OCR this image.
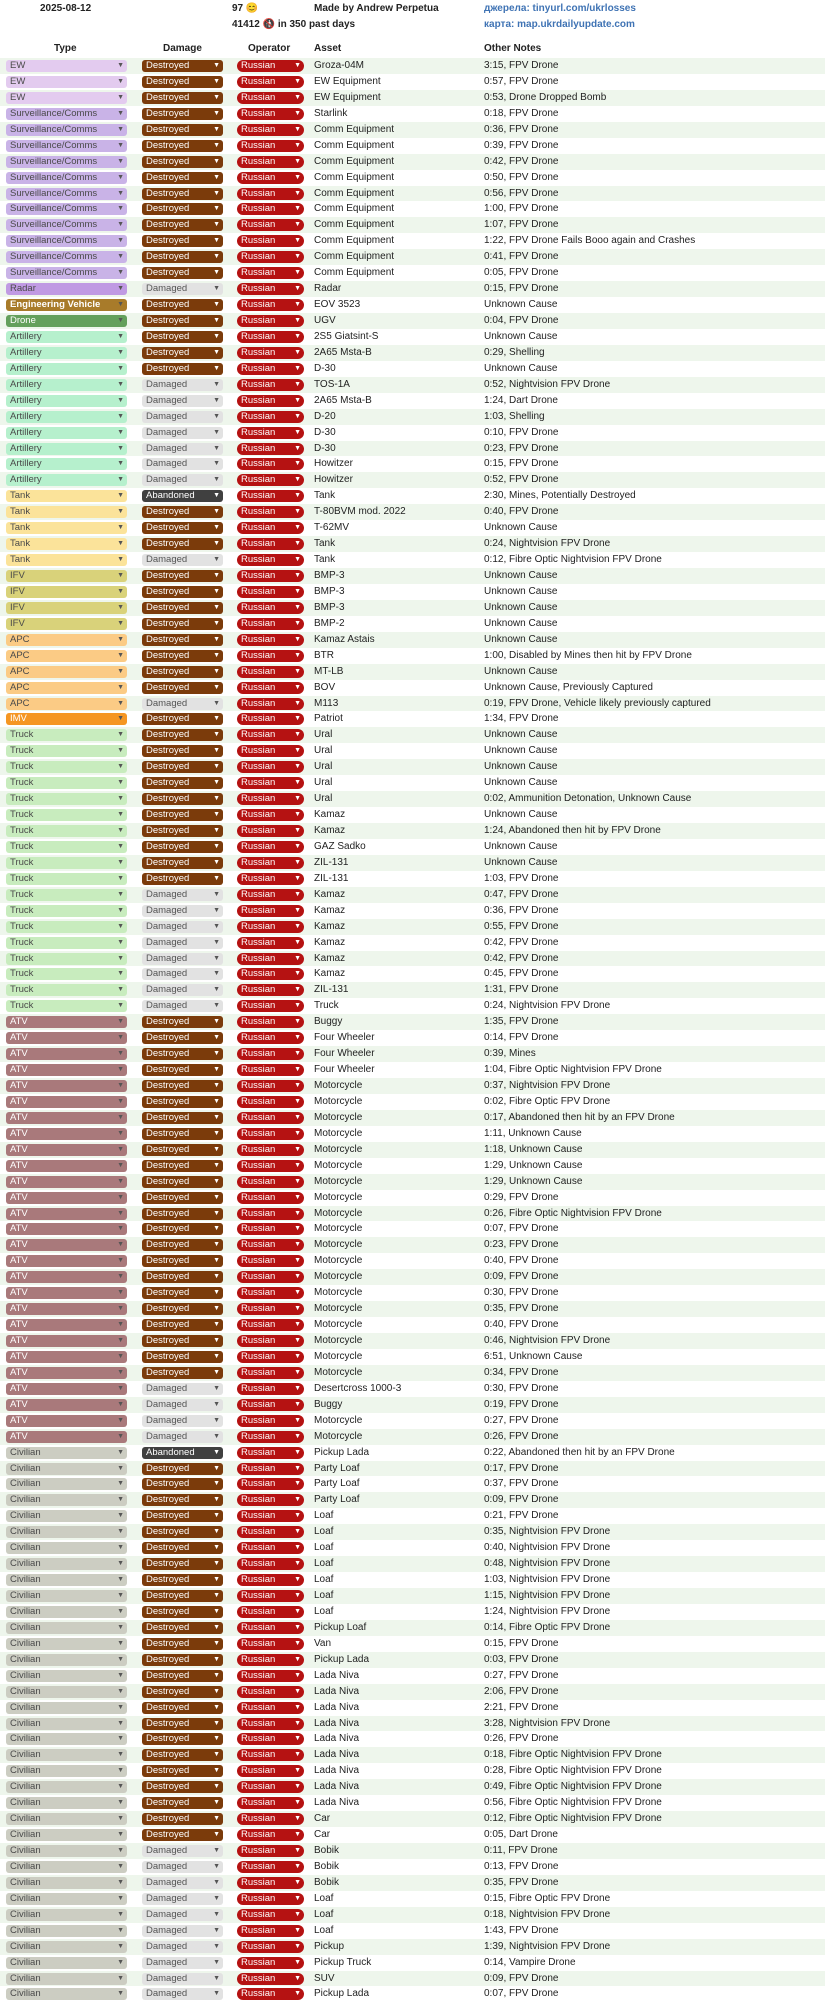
2025-08-12	97 😊
41412 🚯 in 350 past days
Made by Andrew Perpetua	джерела: tinyurl.com/ukrlosses
карта: map.ukrdailyupdate.com
Type	Damage	Operator Asset	Other Notes
EW	▼	Destroyed	▼	Russian	▼ Groza-04M	3:15, FPV Drone
EW	▼	Destroyed	▼	Russian	▼ EW Equipment	0:57, FPV Drone
EW	▼	Destroyed	▼	Russian	▼ EW Equipment	0:53, Drone Dropped Bomb
Surveillance/Comms	▼	Destroyed	▼	Russian	▼ Starlink	0:18, FPV Drone
Surveillance/Comms	▼	Destroyed	▼	Russian	▼ Comm Equipment	0:36, FPV Drone
Surveillance/Comms	▼	Destroyed	▼	Russian	▼ Comm Equipment	0:39, FPV Drone
Surveillance/Comms	▼	Destroyed	▼	Russian	▼ Comm Equipment	0:42, FPV Drone
Surveillance/Comms	▼	Destroyed	▼	Russian	▼ Comm Equipment	0:50, FPV Drone
Surveillance/Comms	▼	Destroyed	▼	Russian	▼ Comm Equipment	0:56, FPV Drone
Surveillance/Comms	▼	Destroyed	▼	Russian	▼ Comm Equipment	1:00, FPV Drone
Surveillance/Comms	▼	Destroyed	▼	Russian	▼ Comm Equipment	1:07, FPV Drone
Surveillance/Comms	▼	Destroyed	▼	Russian	▼ Comm Equipment	1:22, FPV Drone Fails Booo again and Crashes
Surveillance/Comms	▼	Destroyed	▼	Russian	▼ Comm Equipment	0:41, FPV Drone
Surveillance/Comms	▼	Destroyed	▼	Russian	▼ Comm Equipment	0:05, FPV Drone
Radar	▼	Damaged	▼	Russian	▼ Radar	0:15, FPV Drone
Engineering Vehicle ▼	Destroyed	▼	Russian	▼ EOV 3523	Unknown Cause
Drone	▼	Destroyed	▼	Russian	▼ UGV	0:04, FPV Drone
Artillery	▼	Destroyed	▼	Russian	▼ 2S5 Giatsint-S	Unknown Cause
Artillery	▼	Destroyed	▼	Russian	▼ 2A65 Msta-B	0:29, Shelling
Artillery	▼	Destroyed	▼	Russian	▼ D-30	Unknown Cause
Artillery	▼	Damaged	▼	Russian	▼ TOS-1A	0:52, Nightvision FPV Drone
Artillery	▼	Damaged	▼	Russian	▼ 2A65 Msta-B	1:24, Dart Drone
Artillery	▼	Damaged	▼	Russian	▼ D-20	1:03, Shelling
Artillery	▼	Damaged	▼	Russian	▼ D-30	0:10, FPV Drone
Artillery	▼	Damaged	▼	Russian	▼ D-30	0:23, FPV Drone
Artillery	▼	Damaged	▼	Russian	▼ Howitzer	0:15, FPV Drone
Artillery	▼	Damaged	▼	Russian	▼ Howitzer	0:52, FPV Drone
Tank	▼	Abandoned	▼	Russian	▼ Tank	2:30, Mines, Potentially Destroyed
Tank	▼	Destroyed	▼	Russian	▼ T-80BVM mod. 2022	0:40, FPV Drone
Tank	▼	Destroyed	▼	Russian	▼ T-62MV	Unknown Cause
Tank	▼	Destroyed	▼	Russian	▼ Tank	0:24, Nightvision FPV Drone
Tank	▼	Damaged	▼	Russian	▼ Tank	0:12, Fibre Optic Nightvision FPV Drone
IFV	▼	Destroyed	▼	Russian	▼ BMP-3	Unknown Cause
IFV	▼	Destroyed	▼	Russian	▼ BMP-3	Unknown Cause
IFV	▼	Destroyed	▼	Russian	▼ BMP-3	Unknown Cause
IFV	▼	Destroyed	▼	Russian	▼ BMP-2	Unknown Cause
APC	▼	Destroyed	▼	Russian	▼ Kamaz Astais	Unknown Cause
APC	▼	Destroyed	▼	Russian	▼ BTR	1:00, Disabled by Mines then hit by FPV Drone
APC	▼	Destroyed	▼	Russian	▼ MT-LB	Unknown Cause
APC	▼	Destroyed	▼	Russian	▼ BOV	Unknown Cause, Previously Captured
APC	▼	Damaged	▼	Russian	▼ M113	0:19, FPV Drone, Vehicle likely previously captured
IMV	▼	Destroyed	▼	Russian	▼ Patriot	1:34, FPV Drone
Truck	▼	Destroyed	▼	Russian	▼ Ural	Unknown Cause
Truck	▼	Destroyed	▼	Russian	▼ Ural	Unknown Cause
Truck	▼	Destroyed	▼	Russian	▼ Ural	Unknown Cause
Truck	▼	Destroyed	▼	Russian	▼ Ural	Unknown Cause
Truck	▼	Destroyed	▼	Russian	▼ Ural	0:02, Ammunition Detonation, Unknown Cause
Truck	▼	Destroyed	▼	Russian	▼ Kamaz	Unknown Cause
Truck	▼	Destroyed	▼	Russian	▼ Kamaz	1:24, Abandoned then hit by FPV Drone
Truck	▼	Destroyed	▼	Russian	▼ GAZ Sadko	Unknown Cause
Truck	▼	Destroyed	▼	Russian	▼ ZIL-131	Unknown Cause
Truck	▼	Destroyed	▼	Russian	▼ ZIL-131	1:03, FPV Drone
Truck	▼	Damaged	▼	Russian	▼ Kamaz	0:47, FPV Drone
Truck	▼	Damaged	▼	Russian	▼ Kamaz	0:36, FPV Drone
Truck	▼	Damaged	▼	Russian	▼ Kamaz	0:55, FPV Drone
Truck	▼	Damaged	▼	Russian	▼ Kamaz	0:42, FPV Drone
Truck	▼	Damaged	▼	Russian	▼ Kamaz	0:42, FPV Drone
Truck	▼	Damaged	▼	Russian	▼ Kamaz	0:45, FPV Drone
Truck	▼	Damaged	▼	Russian	▼ ZIL-131	1:31, FPV Drone
Truck	▼	Damaged	▼	Russian	▼ Truck	0:24, Nightvision FPV Drone
ATV	▼	Destroyed	▼	Russian	▼ Buggy	1:35, FPV Drone
ATV	▼	Destroyed	▼	Russian	▼ Four Wheeler	0:14, FPV Drone
ATV	▼	Destroyed	▼	Russian	▼ Four Wheeler	0:39, Mines
ATV	▼	Destroyed	▼	Russian	▼ Four Wheeler	1:04, Fibre Optic Nightvision FPV Drone
ATV	▼	Destroyed	▼	Russian	▼ Motorcycle	0:37, Nightvision FPV Drone
ATV	▼	Destroyed	▼	Russian	▼ Motorcycle	0:02, Fibre Optic FPV Drone
ATV	▼	Destroyed	▼	Russian	▼ Motorcycle	0:17, Abandoned then hit by an FPV Drone
ATV	▼	Destroyed	▼	Russian	▼ Motorcycle	1:11, Unknown Cause
ATV	▼	Destroyed	▼	Russian	▼ Motorcycle	1:18, Unknown Cause
ATV	▼	Destroyed	▼	Russian	▼ Motorcycle	1:29, Unknown Cause
ATV	▼	Destroyed	▼	Russian	▼ Motorcycle	1:29, Unknown Cause
ATV	▼	Destroyed	▼	Russian	▼ Motorcycle	0:29, FPV Drone
ATV	▼	Destroyed	▼	Russian	▼ Motorcycle	0:26, Fibre Optic Nightvision FPV Drone
ATV	▼	Destroyed	▼	Russian	▼ Motorcycle	0:07, FPV Drone
ATV	▼	Destroyed	▼	Russian	▼ Motorcycle	0:23, FPV Drone
ATV	▼	Destroyed	▼	Russian	▼ Motorcycle	0:40, FPV Drone
ATV	▼	Destroyed	▼	Russian	▼ Motorcycle	0:09, FPV Drone
ATV	▼	Destroyed	▼	Russian	▼ Motorcycle	0:30, FPV Drone
ATV	▼	Destroyed	▼	Russian	▼ Motorcycle	0:35, FPV Drone
ATV	▼	Destroyed	▼	Russian	▼ Motorcycle	0:40, FPV Drone
ATV	▼	Destroyed	▼	Russian	▼ Motorcycle	0:46, Nightvision FPV Drone
ATV	▼	Destroyed	▼	Russian	▼ Motorcycle	6:51, Unknown Cause
ATV	▼	Destroyed	▼	Russian	▼ Motorcycle	0:34, FPV Drone
ATV	▼	Damaged	▼	Russian	▼ Desertcross 1000-3	0:30, FPV Drone
ATV	▼	Damaged	▼	Russian	▼ Buggy	0:19, FPV Drone
ATV	▼	Damaged	▼	Russian	▼ Motorcycle	0:27, FPV Drone
ATV	▼	Damaged	▼	Russian	▼ Motorcycle	0:26, FPV Drone
Civilian	▼	Abandoned	▼	Russian	▼ Pickup Lada	0:22, Abandoned then hit by an FPV Drone
Civilian	▼	Destroyed	▼	Russian	▼ Party Loaf	0:17, FPV Drone
Civilian	▼	Destroyed	▼	Russian	▼ Party Loaf	0:37, FPV Drone
Civilian	▼	Destroyed	▼	Russian	▼ Party Loaf	0:09, FPV Drone
Civilian	▼	Destroyed	▼	Russian	▼ Loaf	0:21, FPV Drone
Civilian	▼	Destroyed	▼	Russian	▼ Loaf	0:35, Nightvision FPV Drone
Civilian	▼	Destroyed	▼	Russian	▼ Loaf	0:40, Nightvision FPV Drone
Civilian	▼	Destroyed	▼	Russian	▼ Loaf	0:48, Nightvision FPV Drone
Civilian	▼	Destroyed	▼	Russian	▼ Loaf	1:03, Nightvision FPV Drone
Civilian	▼	Destroyed	▼	Russian	▼ Loaf	1:15, Nightvision FPV Drone
Civilian	▼	Destroyed	▼	Russian	▼ Loaf	1:24, Nightvision FPV Drone
Civilian	▼	Destroyed	▼	Russian	▼ Pickup Loaf	0:14, Fibre Optic FPV Drone
Civilian	▼	Destroyed	▼	Russian	▼ Van	0:15, FPV Drone
Civilian	▼	Destroyed	▼	Russian	▼ Pickup Lada	0:03, FPV Drone
Civilian	▼	Destroyed	▼	Russian	▼ Lada Niva	0:27, FPV Drone
Civilian	▼	Destroyed	▼	Russian	▼ Lada Niva	2:06, FPV Drone
Civilian	▼	Destroyed	▼	Russian	▼ Lada Niva	2:21, FPV Drone
Civilian	▼	Destroyed	▼	Russian	▼ Lada Niva	3:28, Nightvision FPV Drone
Civilian	▼	Destroyed	▼	Russian	▼ Lada Niva	0:26, FPV Drone
Civilian	▼	Destroyed	▼	Russian	▼ Lada Niva	0:18, Fibre Optic Nightvision FPV Drone
Civilian	▼	Destroyed	▼	Russian	▼ Lada Niva	0:28, Fibre Optic Nightvision FPV Drone
Civilian	▼	Destroyed	▼	Russian	▼ Lada Niva	0:49, Fibre Optic Nightvision FPV Drone
Civilian	▼	Destroyed	▼	Russian	▼ Lada Niva	0:56, Fibre Optic Nightvision FPV Drone
Civilian	▼	Destroyed	▼	Russian	▼ Car	0:12, Fibre Optic Nightvision FPV Drone
Civilian	▼	Destroyed	▼	Russian	▼ Car	0:05, Dart Drone
Civilian	▼	Damaged	▼	Russian	▼ Bobik	0:11, FPV Drone
Civilian	▼	Damaged	▼	Russian	▼ Bobik	0:13, FPV Drone
Civilian	▼	Damaged	▼	Russian	▼ Bobik	0:35, FPV Drone
Civilian	▼	Damaged	▼	Russian	▼ Loaf	0:15, Fibre Optic FPV Drone
Civilian	▼	Damaged	▼	Russian	▼ Loaf	0:18, Nightvision FPV Drone
Civilian	▼	Damaged	▼	Russian	▼ Loaf	1:43, FPV Drone
Civilian	▼	Damaged	▼	Russian	▼ Pickup	1:39, Nightvision FPV Drone
Civilian	▼	Damaged	▼	Russian	▼ Pickup Truck	0:14, Vampire Drone
Civilian	▼	Damaged	▼	Russian	▼ SUV	0:09, FPV Drone
Civilian	▼	Damaged	▼	Russian	▼ Pickup Lada	0:07, FPV Drone
